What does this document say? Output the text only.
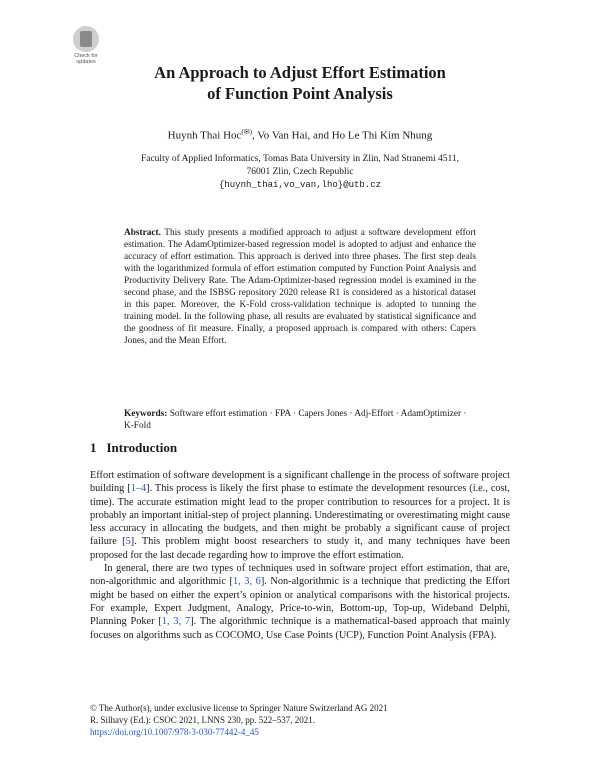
Check for
updates
An Approach to Adjust Effort Estimation
of Function Point Analysis
Huynh Thai Hoc(✉), Vo Van Hai, and Ho Le Thi Kim Nhung
Faculty of Applied Informatics, Tomas Bata University in Zlin, Nad Stranemi 4511,
76001 Zlin, Czech Republic
{huynh_thai,vo_van,lho}@utb.cz
Abstract. This study presents a modified approach to adjust a software development effort estimation. The AdamOptimizer-based regression model is adopted to adjust and enhance the accuracy of effort estimation. This approach is derived into three phases. The first step deals with the logarithmized formula of effort estimation computed by Function Point Analysis and Productivity Delivery Rate. The Adam-Optimizer-based regression model is examined in the second phase, and the ISBSG repository 2020 release R1 is considered as a historical dataset in this paper. Moreover, the K-Fold cross-validation technique is adopted to tunning the training model. In the following phase, all results are evaluated by statistical significance and the goodness of fit measure. Finally, a proposed approach is compared with others: Capers Jones, and the Mean Effort.
Keywords: Software effort estimation · FPA · Capers Jones · Adj-Effort · AdamOptimizer · K-Fold
1 Introduction

Effort estimation of software development is a significant challenge in the process of software project building [1–4]. This process is likely the first phase to estimate the development resources (i.e., cost, time). The accurate estimation might lead to the proper contribution to resources for a project. It is probably an important initial-step of project planning. Underestimating or overestimating might cause less accuracy in allocating the budgets, and then might be probably a significant cause of project failure [5]. This problem might boost researchers to study it, and many techniques have been proposed for the last decade regarding how to improve the effort estimation.

In general, there are two types of techniques used in software project effort estimation, that are, non-algorithmic and algorithmic [1, 3, 6]. Non-algorithmic is a technique that predicting the Effort might be based on either the expert’s opinion or analytical comparisons with the historical projects. For example, Expert Judgment, Analogy, Price-to-win, Bottom-up, Top-up, Wideband Delphi, Planning Poker [1, 3, 7]. The algorithmic technique is a mathematical-based approach that mainly focuses on algorithms such as COCOMO, Use Case Points (UCP), Function Point Analysis (FPA).

© The Author(s), under exclusive license to Springer Nature Switzerland AG 2021
R. Silhavy (Ed.): CSOC 2021, LNNS 230, pp. 522–537, 2021.
https://doi.org/10.1007/978-3-030-77442-4_45
